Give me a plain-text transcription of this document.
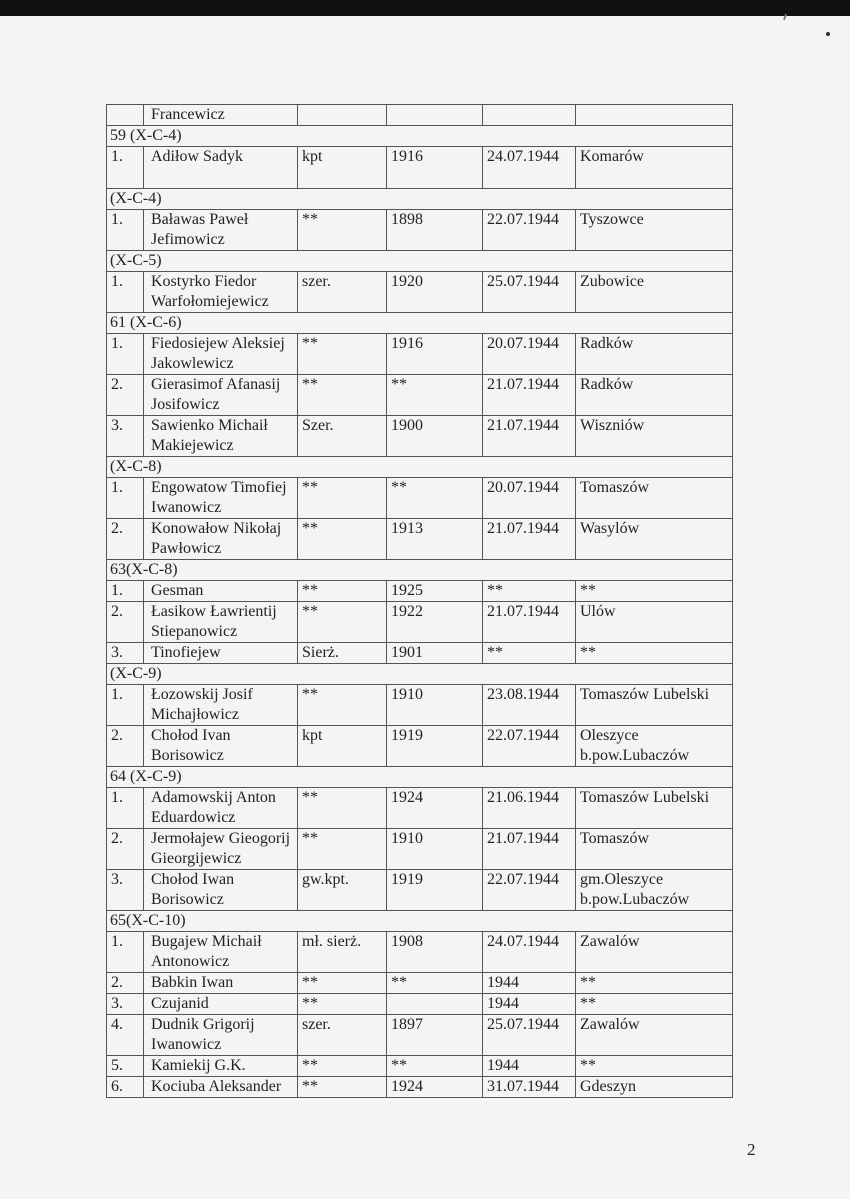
	Francewicz				

59 (X-C-4)					
1.	Adiłow Sadyk	kpt	1916	24.07.1944	Komarów
(X-C-4)					
1.	Baławas Paweł Jefimowicz	**	1898	22.07.1944	Tyszowce
(X-C-5)					
1.	Kostyrko Fiedor Warfołomiejewicz	szer.	1920	25.07.1944	Zubowice
61 (X-C-6)					
1.	Fiedosiejew Aleksiej Jakowlewicz	**	1916	20.07.1944	Radków
2.	Gierasimof Afanasij Josifowicz	**	**	21.07.1944	Radków
3.	Sawienko Michaił Makiejewicz	Szer.	1900	21.07.1944	Wiszniów
(X-C-8)					
1.	Engowatow Timofiej Iwanowicz	**	**	20.07.1944	Tomaszów
2.	Konowałow Nikołaj Pawłowicz	**	1913	21.07.1944	Wasylów
63(X-C-8)					
1.	Gesman	**	1925	**	**
2.	Łasikow Ławrientij Stiepanowicz	**	1922	21.07.1944	Ulów
3.	Tinofiejew	Sierż.	1901	**	**
(X-C-9)					
1.	Łozowskij Josif Michajłowicz	**	1910	23.08.1944	Tomaszów Lubelski
2.	Chołod Ivan Borisowicz	kpt	1919	22.07.1944	Oleszyce b.pow.Lubaczów
64 (X-C-9)					
1.	Adamowskij Anton Eduardowicz	**	1924	21.06.1944	Tomaszów Lubelski
2.	Jermołajew Gieogorij Gieorgijewicz	**	1910	21.07.1944	Tomaszów
3.	Chołod Iwan Borisowicz	gw.kpt.	1919	22.07.1944	gm.Oleszyce b.pow.Lubaczów
65(X-C-10)					
1.	Bugajew Michaił Antonowicz	mł. sierż.	1908	24.07.1944	Zawalów
2.	Babkin Iwan	**	**	1944	**
3.	Czujanid	**		1944	**
4.	Dudnik Grigorij Iwanowicz	szer.	1897	25.07.1944	Zawalów
5.	Kamiekij G.K.	**	**	1944	**
6.	Kociuba Aleksander	**	1924	31.07.1944	Gdeszyn
2
